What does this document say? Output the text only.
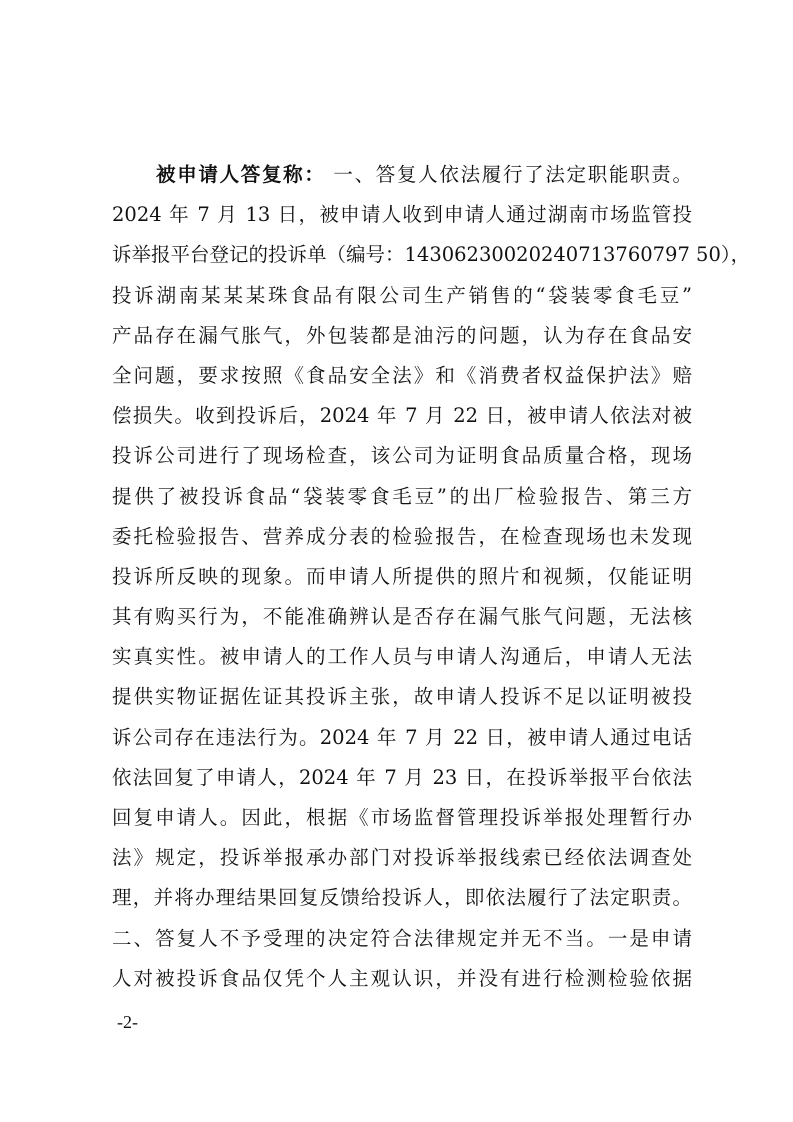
被申请人答复称： 一、答复人依法履行了法定职能职责。
2024 年 7 月 13 日，被申请人收到申请人通过湖南市场监管投
诉举报平台登记的投诉单（编号：14306230020240713760797 50），
投诉湖南某某某珠食品有限公司生产销售的“袋装零食毛豆”
产品存在漏气胀气，外包装都是油污的问题，认为存在食品安
全问题，要求按照《食品安全法》和《消费者权益保护法》赔
偿损失。收到投诉后，2024 年 7 月 22 日，被申请人依法对被
投诉公司进行了现场检查，该公司为证明食品质量合格，现场
提供了被投诉食品“袋装零食毛豆”的出厂检验报告、第三方
委托检验报告、营养成分表的检验报告，在检查现场也未发现
投诉所反映的现象。而申请人所提供的照片和视频，仅能证明
其有购买行为，不能准确辨认是否存在漏气胀气问题，无法核
实真实性。被申请人的工作人员与申请人沟通后，申请人无法
提供实物证据佐证其投诉主张，故申请人投诉不足以证明被投
诉公司存在违法行为。2024 年 7 月 22 日，被申请人通过电话
依法回复了申请人，2024 年 7 月 23 日，在投诉举报平台依法
回复申请人。因此，根据《市场监督管理投诉举报处理暂行办
法》规定，投诉举报承办部门对投诉举报线索已经依法调查处
理，并将办理结果回复反馈给投诉人，即依法履行了法定职责。
二、答复人不予受理的决定符合法律规定并无不当。一是申请
人对被投诉食品仅凭个人主观认识，并没有进行检测检验依据
-2-
